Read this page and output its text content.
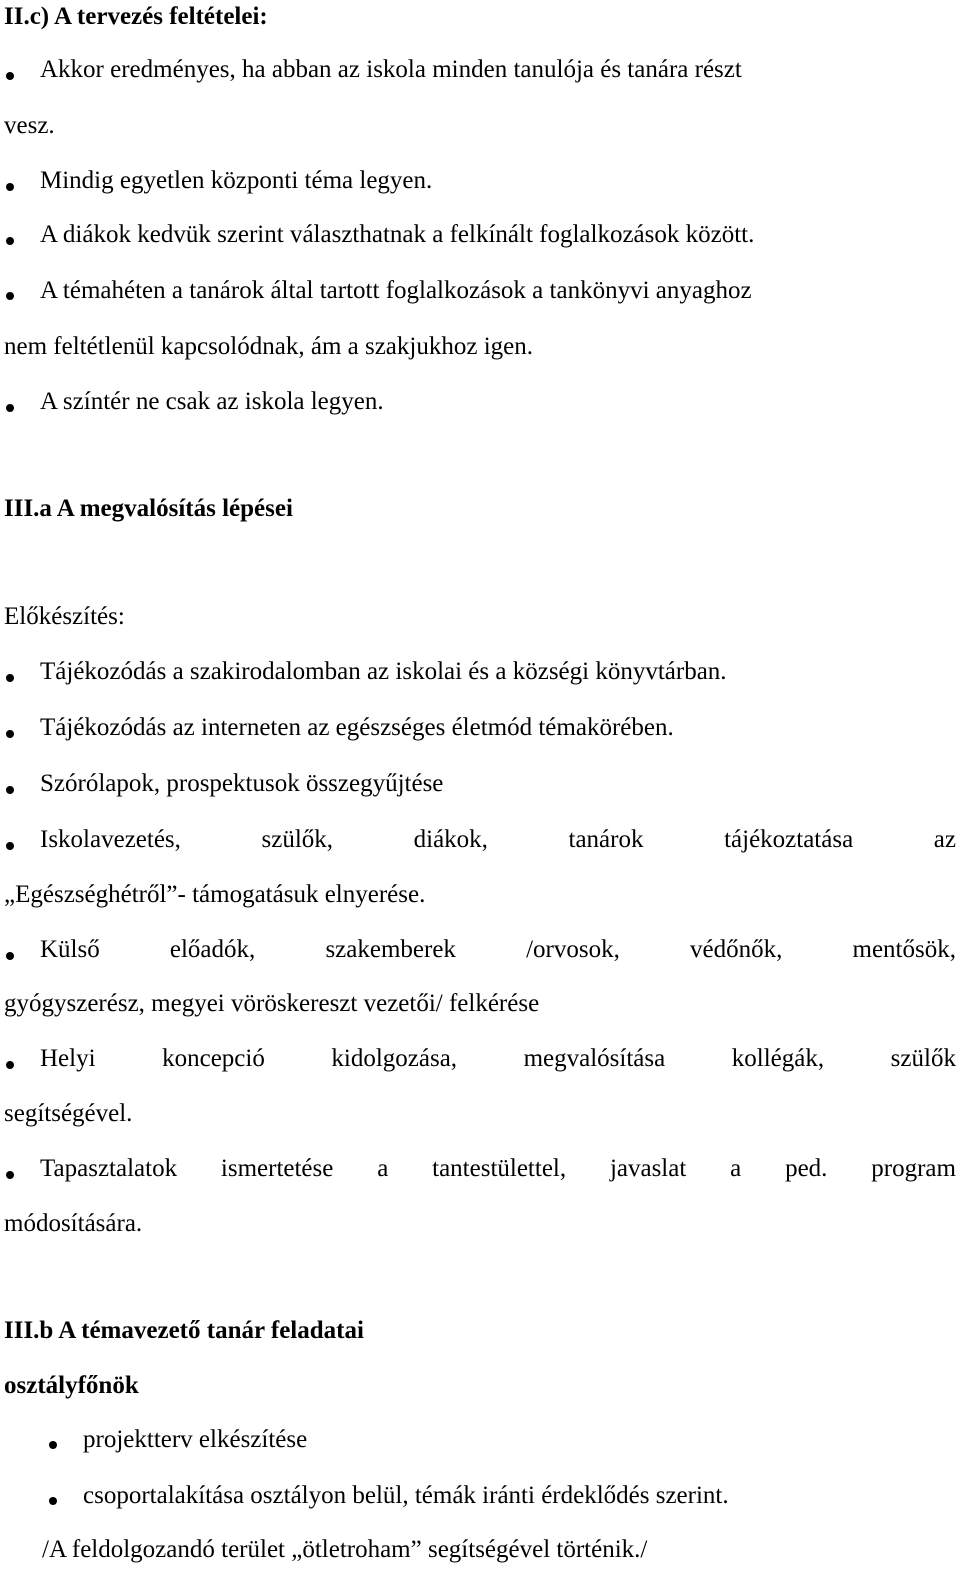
II.c) A tervezés feltételei:
Akkor eredményes, ha abban az iskola minden tanulója és tanára részt
vesz.
Mindig egyetlen központi téma legyen.
A diákok kedvük szerint választhatnak a felkínált foglalkozások között.
A témahéten a tanárok által tartott foglalkozások a tankönyvi anyaghoz
nem feltétlenül kapcsolódnak, ám a szakjukhoz igen.
A színtér ne csak az iskola legyen.
III.a A megvalósítás lépései
Előkészítés:
Tájékozódás a szakirodalomban az iskolai és a községi könyvtárban.
Tájékozódás az interneten az egészséges életmód témakörében.
Szórólapok, prospektusok összegyűjtése
Iskolavezetés,	szülők,	diákok,	tanárok	tájékoztatása	az
„Egészséghétről”- támogatásuk elnyerése.
Külső	előadók,	szakemberek	/orvosok,	védőnők,	mentősök,
gyógyszerész, megyei vöröskereszt vezetői/ felkérése
Helyi	koncepció	kidolgozása,	megvalósítása	kollégák,	szülők
segítségével.
Tapasztalatok ismertetése a tantestülettel, javaslat a ped. program
módosítására.
III.b A témavezető tanár feladatai
osztályfőnök
projektterv elkészítése
csoportalakítása osztályon belül, témák iránti érdeklődés szerint.
/A feldolgozandó terület „ötletroham” segítségével történik./
